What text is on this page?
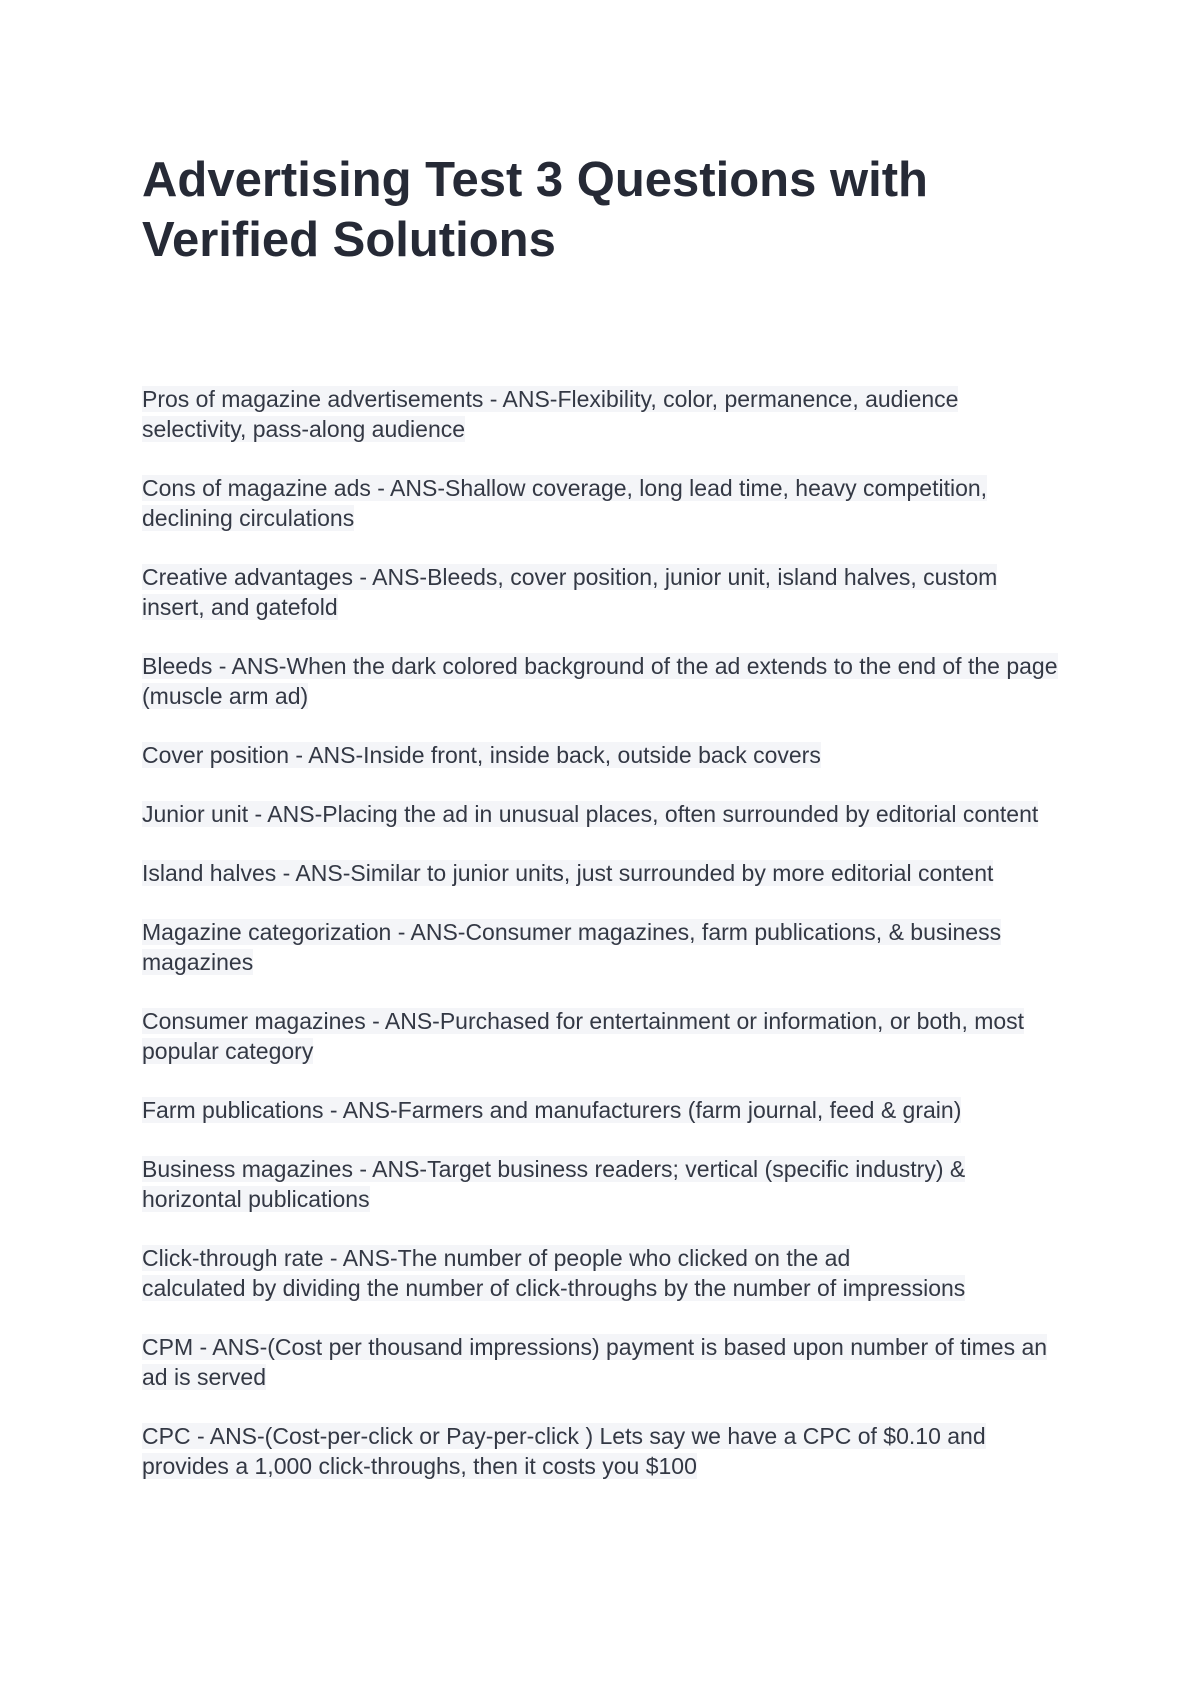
Advertising Test 3 Questions with Verified Solutions

Pros of magazine advertisements - ANS-Flexibility, color, permanence, audience selectivity, pass-along audience

Cons of magazine ads - ANS-Shallow coverage, long lead time, heavy competition, declining circulations

Creative advantages - ANS-Bleeds, cover position, junior unit, island halves, custom insert, and gatefold

Bleeds - ANS-When the dark colored background of the ad extends to the end of the page (muscle arm ad)

Cover position - ANS-Inside front, inside back, outside back covers

Junior unit - ANS-Placing the ad in unusual places, often surrounded by editorial content

Island halves - ANS-Similar to junior units, just surrounded by more editorial content

Magazine categorization - ANS-Consumer magazines, farm publications, & business magazines

Consumer magazines - ANS-Purchased for entertainment or information, or both, most popular category

Farm publications - ANS-Farmers and manufacturers (farm journal, feed & grain)

Business magazines - ANS-Target business readers; vertical (specific industry) & horizontal publications

Click-through rate - ANS-The number of people who clicked on the ad
calculated by dividing the number of click-throughs by the number of impressions

CPM - ANS-(Cost per thousand impressions) payment is based upon number of times an ad is served

CPC - ANS-(Cost-per-click or Pay-per-click ) Lets say we have a CPC of $0.10 and provides a 1,000 click-throughs, then it costs you $100
